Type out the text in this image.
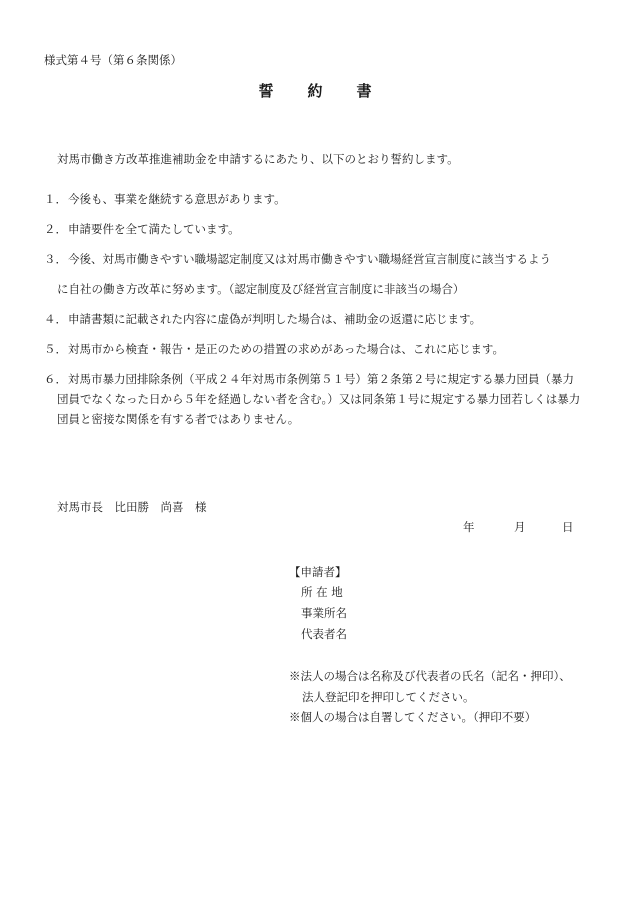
様式第４号（第６条関係）
誓約書
対馬市働き方改革推進補助金を申請するにあたり、以下のとおり誓約します。
１．今後も、事業を継続する意思があります。
２．申請要件を全て満たしています。
３．今後、対馬市働きやすい職場認定制度又は対馬市働きやすい職場経営宣言制度に該当するよう
に自社の働き方改革に努めます。（認定制度及び経営宣言制度に非該当の場合）
４．申請書類に記載された内容に虚偽が判明した場合は、補助金の返還に応じます。
５．対馬市から検査・報告・是正のための措置の求めがあった場合は、これに応じます。
６．対馬市暴力団排除条例（平成２４年対馬市条例第５１号）第２条第２号に規定する暴力団員（暴力
団員でなくなった日から５年を経過しない者を含む。）又は同条第１号に規定する暴力団若しくは暴力
団員と密接な関係を有する者ではありません。
対馬市長　比田勝　尚喜　様
年	月	日
【申請者】
所 在 地
事業所名
代表者名
※法人の場合は名称及び代表者の氏名（記名・押印）、
法人登記印を押印してください。
※個人の場合は自署してください。（押印不要）
